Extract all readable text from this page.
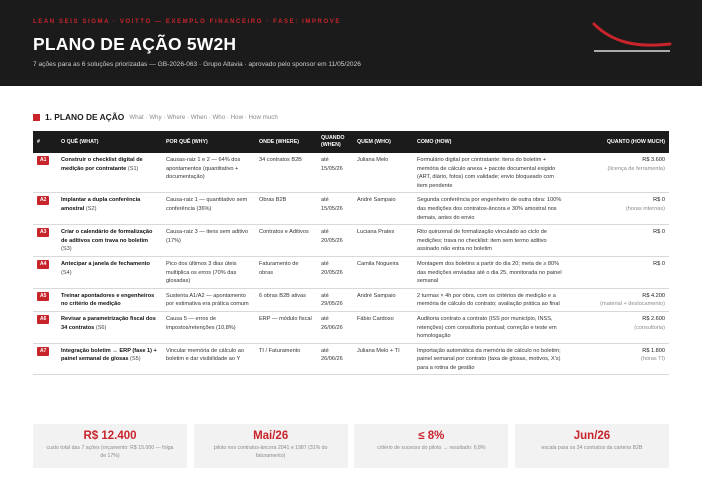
LEAN SEIS SIGMA · VOITTO — EXEMPLO FINANCEIRO · FASE: IMPROVE
PLANO DE AÇÃO 5W2H
7 ações para as 6 soluções priorizadas — GB-2026-063 · Grupo Altavia · aprovado pelo sponsor em 11/05/2026
1. PLANO DE AÇÃO What · Why · Where · When · Who · How · How much
#	O QUÊ (WHAT)	POR QUÊ (WHY)	ONDE (WHERE)	QUANDO (WHEN)	QUEM (WHO)	COMO (HOW)	QUANTO (HOW MUCH)
A1	Construir o checklist digital de medição por contratante (S1)	Causas-raiz 1 e 2 — 64% dos apontamentos (quantitativo + documentação)	34 contratos B2B	até 15/05/26	Juliana Melo	Formulário digital por contratante: itens do boletim + memória de cálculo anexa + pacote documental exigido (ART, diário, fotos) com validade; envio bloqueado com item pendente	R$ 3.600
(licença de ferramenta)

A2	Implantar a dupla conferência amostral (S2)	Causa-raiz 1 — quantitativo sem conferência (36%)	Obras B2B	até 15/05/26	André Sampaio	Segunda conferência por engenheiro de outra obra: 100% das medições dos contratos-âncora e 30% amostral nos demais, antes do envio	R$ 0
(horas internas)

A3	Criar o calendário de formalização de aditivos com trava no boletim (S3)	Causa-raiz 3 — itens sem aditivo (17%)	Contratos e Aditivos	até 20/05/26	Luciana Prates	Rito quinzenal de formalização vinculado ao ciclo de medições; trava no checklist: item sem termo aditivo assinado não entra no boletim	R$ 0

A4	Antecipar a janela de fechamento (S4)	Pico dos últimos 3 dias úteis multiplica os erros (70% das glosadas)	Faturamento de obras	até 20/05/26	Camila Nogueira	Montagem dos boletins a partir do dia 20; meta de ≥ 80% das medições enviadas até o dia 25, monitorada no painel semanal	R$ 0

A5	Treinar apontadores e engenheiros no critério de medição	Sustenta A1/A2 — apontamento por estimativa era prática comum	6 obras B2B ativas	até 29/05/26	André Sampaio	2 turmas × 4h por obra, com os critérios de medição e a memória de cálculo do contrato; avaliação prática ao final	R$ 4.200
(material + deslocamento)

A6	Revisar a parametrização fiscal dos 34 contratos (S6)	Causa 5 — erros de impostos/retenções (10,8%)	ERP — módulo fiscal	até 26/06/26	Fábio Cardoso	Auditoria contrato a contrato (ISS por município, INSS, retenções) com consultoria pontual; correção e teste em homologação	R$ 2.600
(consultoria)

A7	Integração boletim ↔ ERP (fase 1) + painel semanal de glosas (S5)	Vincular memória de cálculo ao boletim e dar visibilidade ao Y	TI / Faturamento	até 26/06/26	Juliana Melo + TI	Importação automática da memória de cálculo no boletim; painel semanal por contrato (taxa de glosas, motivos, X's) para a rotina de gestão	R$ 1.800
(horas TI)
R$ 12.400
custo total das 7 ações (orçamento: R$ 15.000 — folga de 17%)
Mai/26
piloto nos contratos-âncora 2041 e 1987 (31% do faturamento)
≤ 8%
critério de sucesso do piloto → resultado: 6,8%
Jun/26
escala para os 34 contratos da carteira B2B
